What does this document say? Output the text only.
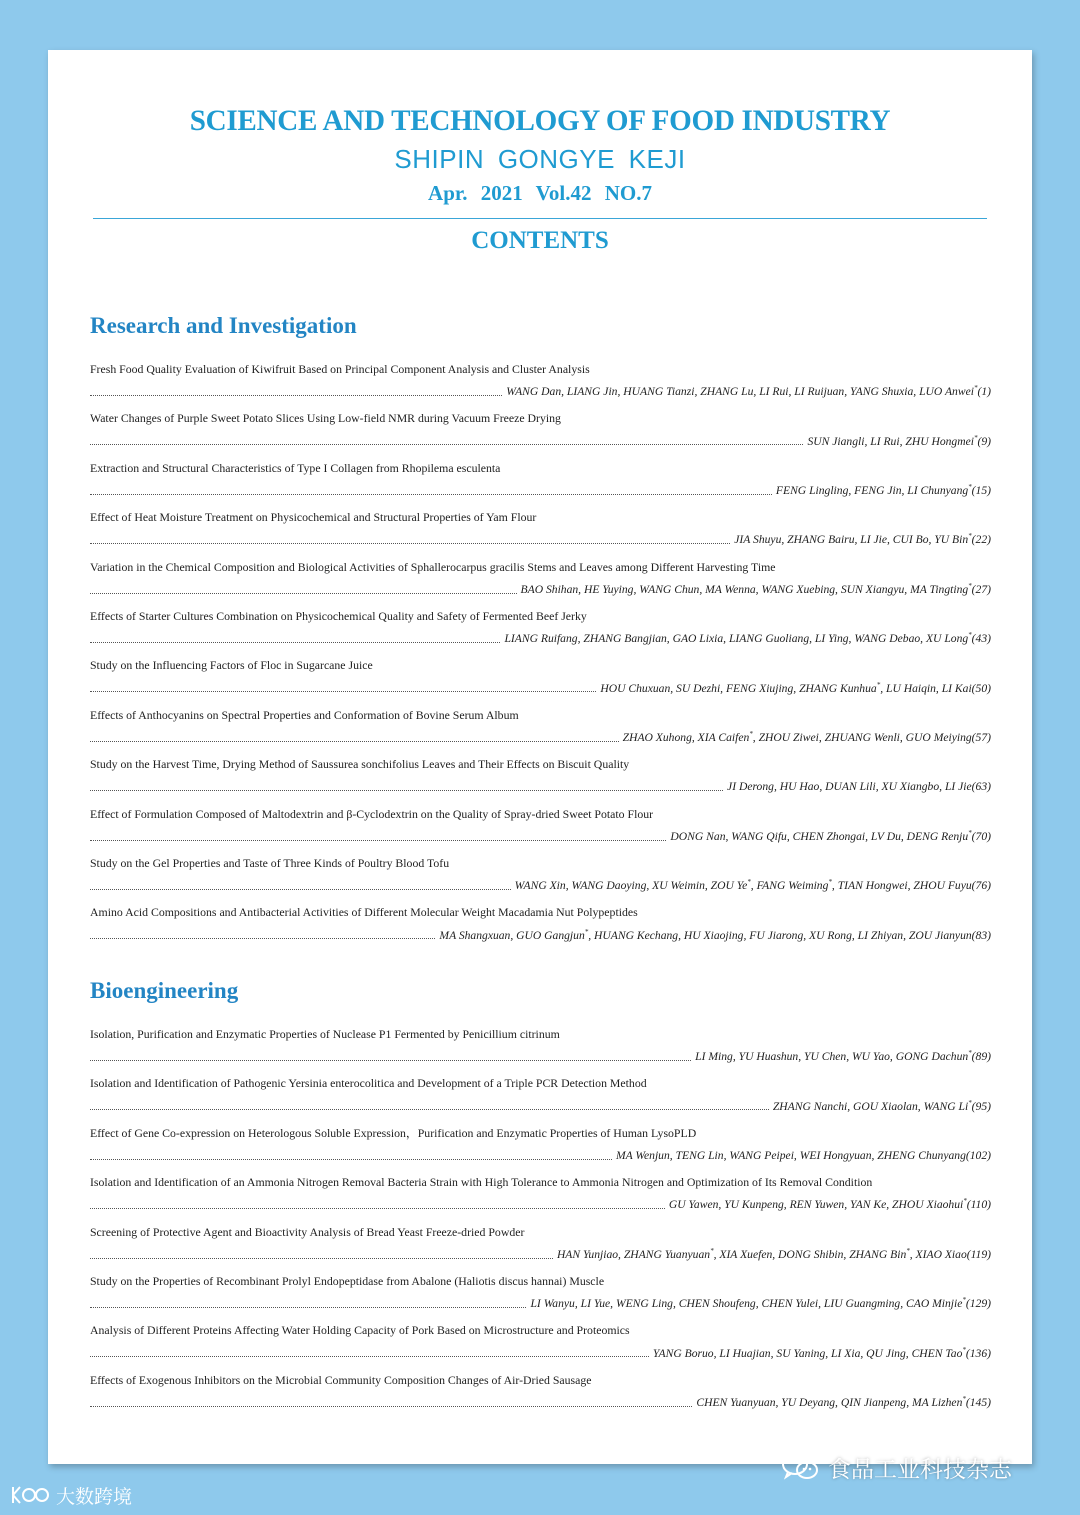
SCIENCE AND TECHNOLOGY OF FOOD INDUSTRY
SHIPIN GONGYE KEJI
Apr. 2021 Vol.42 NO.7
CONTENTS
Research and Investigation
Fresh Food Quality Evaluation of Kiwifruit Based on Principal Component Analysis and Cluster Analysis
WANG Dan, LIANG Jin, HUANG Tianzi, ZHANG Lu, LI Rui, LI Ruijuan, YANG Shuxia, LUO Anwei*(1)
Water Changes of Purple Sweet Potato Slices Using Low-field NMR during Vacuum Freeze Drying
SUN Jiangli, LI Rui, ZHU Hongmei*(9)
Extraction and Structural Characteristics of Type I Collagen from Rhopilema esculenta
FENG Lingling, FENG Jin, LI Chunyang*(15)
Effect of Heat Moisture Treatment on Physicochemical and Structural Properties of Yam Flour
JIA Shuyu, ZHANG Bairu, LI Jie, CUI Bo, YU Bin*(22)
Variation in the Chemical Composition and Biological Activities of Sphallerocarpus gracilis Stems and Leaves among Different Harvesting Time
BAO Shihan, HE Yuying, WANG Chun, MA Wenna, WANG Xuebing, SUN Xiangyu, MA Tingting*(27)
Effects of Starter Cultures Combination on Physicochemical Quality and Safety of Fermented Beef Jerky
LIANG Ruifang, ZHANG Bangjian, GAO Lixia, LIANG Guoliang, LI Ying, WANG Debao, XU Long*(43)
Study on the Influencing Factors of Floc in Sugarcane Juice
HOU Chuxuan, SU Dezhi, FENG Xiujing, ZHANG Kunhua*, LU Haiqin, LI Kai(50)
Effects of Anthocyanins on Spectral Properties and Conformation of Bovine Serum Album
ZHAO Xuhong, XIA Caifen*, ZHOU Ziwei, ZHUANG Wenli, GUO Meiying(57)
Study on the Harvest Time, Drying Method of Saussurea sonchifolius Leaves and Their Effects on Biscuit Quality
JI Derong, HU Hao, DUAN Lili, XU Xiangbo, LI Jie(63)
Effect of Formulation Composed of Maltodextrin and β-Cyclodextrin on the Quality of Spray-dried Sweet Potato Flour
DONG Nan, WANG Qifu, CHEN Zhongai, LV Du, DENG Renju*(70)
Study on the Gel Properties and Taste of Three Kinds of Poultry Blood Tofu
WANG Xin, WANG Daoying, XU Weimin, ZOU Ye*, FANG Weiming*, TIAN Hongwei, ZHOU Fuyu(76)
Amino Acid Compositions and Antibacterial Activities of Different Molecular Weight Macadamia Nut Polypeptides
MA Shangxuan, GUO Gangjun*, HUANG Kechang, HU Xiaojing, FU Jiarong, XU Rong, LI Zhiyan, ZOU Jianyun(83)
Bioengineering
Isolation, Purification and Enzymatic Properties of Nuclease P1 Fermented by Penicillium citrinum
LI Ming, YU Huashun, YU Chen, WU Yao, GONG Dachun*(89)
Isolation and Identification of Pathogenic Yersinia enterocolitica and Development of a Triple PCR Detection Method
ZHANG Nanchi, GOU Xiaolan, WANG Li*(95)
Effect of Gene Co-expression on Heterologous Soluble Expression，Purification and Enzymatic Properties of Human LysoPLD
MA Wenjun, TENG Lin, WANG Peipei, WEI Hongyuan, ZHENG Chunyang(102)
Isolation and Identification of an Ammonia Nitrogen Removal Bacteria Strain with High Tolerance to Ammonia Nitrogen and Optimization of Its Removal Condition
GU Yawen, YU Kunpeng, REN Yuwen, YAN Ke, ZHOU Xiaohui*(110)
Screening of Protective Agent and Bioactivity Analysis of Bread Yeast Freeze-dried Powder
HAN Yunjiao, ZHANG Yuanyuan*, XIA Xuefen, DONG Shibin, ZHANG Bin*, XIAO Xiao(119)
Study on the Properties of Recombinant Prolyl Endopeptidase from Abalone (Haliotis discus hannai) Muscle
LI Wanyu, LI Yue, WENG Ling, CHEN Shoufeng, CHEN Yulei, LIU Guangming, CAO Minjie*(129)
Analysis of Different Proteins Affecting Water Holding Capacity of Pork Based on Microstructure and Proteomics
YANG Boruo, LI Huajian, SU Yaning, LI Xia, QU Jing, CHEN Tao*(136)
Effects of Exogenous Inhibitors on the Microbial Community Composition Changes of Air-Dried Sausage
CHEN Yuanyuan, YU Deyang, QIN Jianpeng, MA Lizhen*(145)
大数跨境
食品工业科技杂志
